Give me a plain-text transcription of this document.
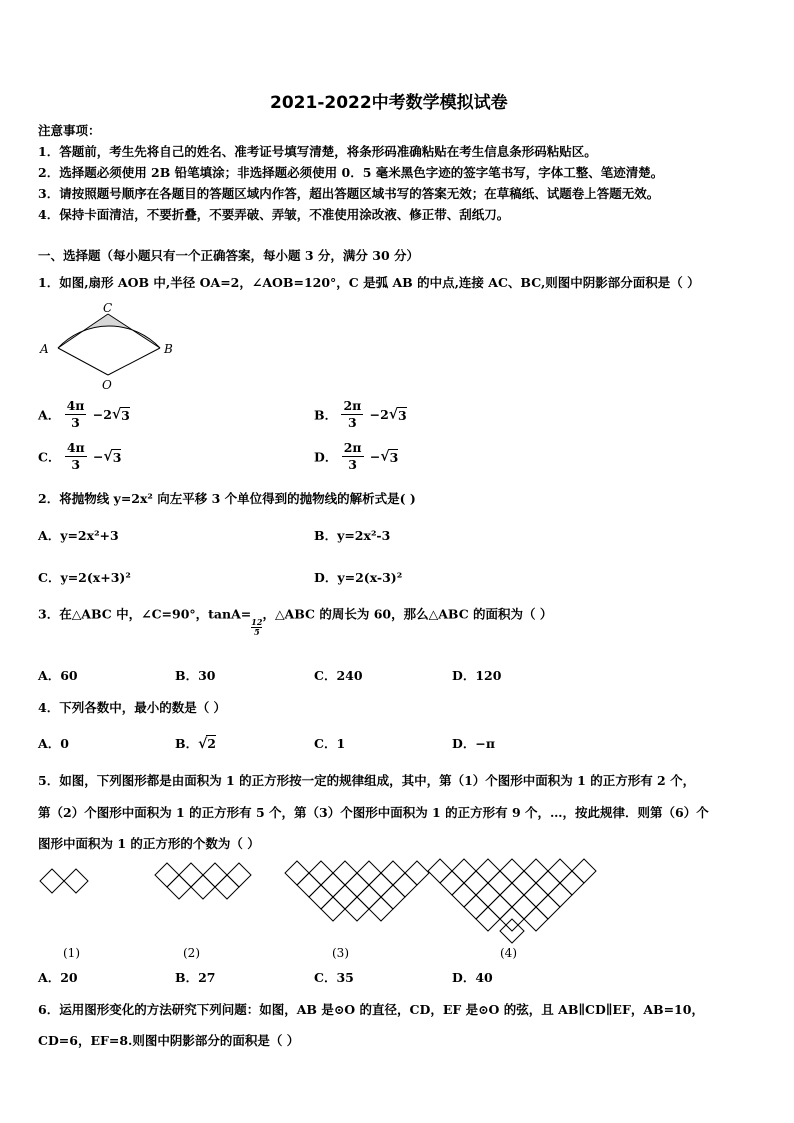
2021-2022中考数学模拟试卷
注意事项：
1．答题前，考生先将自己的姓名、准考证号填写清楚，将条形码准确粘贴在考生信息条形码粘贴区。
2．选择题必须使用 2B 铅笔填涂；非选择题必须使用 0．5 毫米黑色字迹的签字笔书写，字体工整、笔迹清楚。
3．请按照题号顺序在各题目的答题区域内作答，超出答题区域书写的答案无效；在草稿纸、试题卷上答题无效。
4．保持卡面清洁，不要折叠，不要弄破、弄皱，不准使用涂改液、修正带、刮纸刀。
一、选择题（每小题只有一个正确答案，每小题 3 分，满分 30 分）
1．如图,扇形 AOB 中,半径 OA=2，∠AOB=120°，C 是弧 AB 的中点,连接 AC、BC,则图中阴影部分面积是（ ）
C
A	B
O
A． $\frac{4\pi}{3} -2√3$	B． $\frac{2\pi}{3} -2√3$
C． $\frac{4\pi}{3} -√3$	D． $\frac{2\pi}{3} -√3$
2．将抛物线 y=2x² 向左平移 3 个单位得到的抛物线的解析式是( )
A．y=2x²+3	B．y=2x²-3
C．y=2(x+3)²	D．y=2(x-3)²
3．在△ABC 中，∠C=90°，tanA=
$\frac{12}{5}$
，△ABC 的周长为 60，那么△ABC 的面积为（ ）
A．60	B．30	C．240	D．120
4．下列各数中，最小的数是（ ）
A．0	B．√2	C．1	D．−π
5．如图，下列图形都是由面积为 1 的正方形按一定的规律组成，其中，第（1）个图形中面积为 1 的正方形有 2 个，
第（2）个图形中面积为 1 的正方形有 5 个，第（3）个图形中面积为 1 的正方形有 9 个，…，按此规律．则第（6）个
图形中面积为 1 的正方形的个数为（ ）
(1)	(2)	(3)	(4)
A．20	B．27	C．35	D．40
6．运用图形变化的方法研究下列问题：如图，AB 是⊙O 的直径，CD，EF 是⊙O 的弦，且 AB∥CD∥EF，AB=10，
CD=6，EF=8.则图中阴影部分的面积是（ ）
